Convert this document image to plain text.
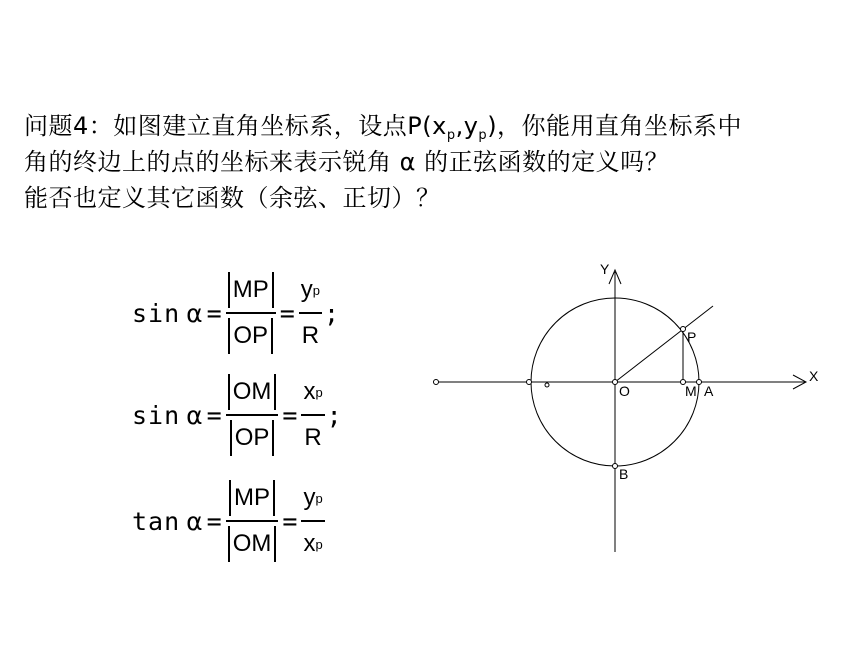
问题4：如图建立直角坐标系，设点$P(x_p,y_p)$，你能用直角坐标系中
角的终边上的点的坐标来表示锐角 α 的正弦函数的定义吗？
能否也定义其它函数（余弦、正切）？
$\sin \alpha = \frac{MP}{OP} = \frac{\text{y p}}{R}$ ;
$\sin \alpha = \frac{OM}{OP} = \frac{\text{x p}}{R}$ ;
$\tan \alpha = \frac{MP}{OM} = \frac{\text{y p}}{\text{x p}}$
Y
X
O
P
M A
B
